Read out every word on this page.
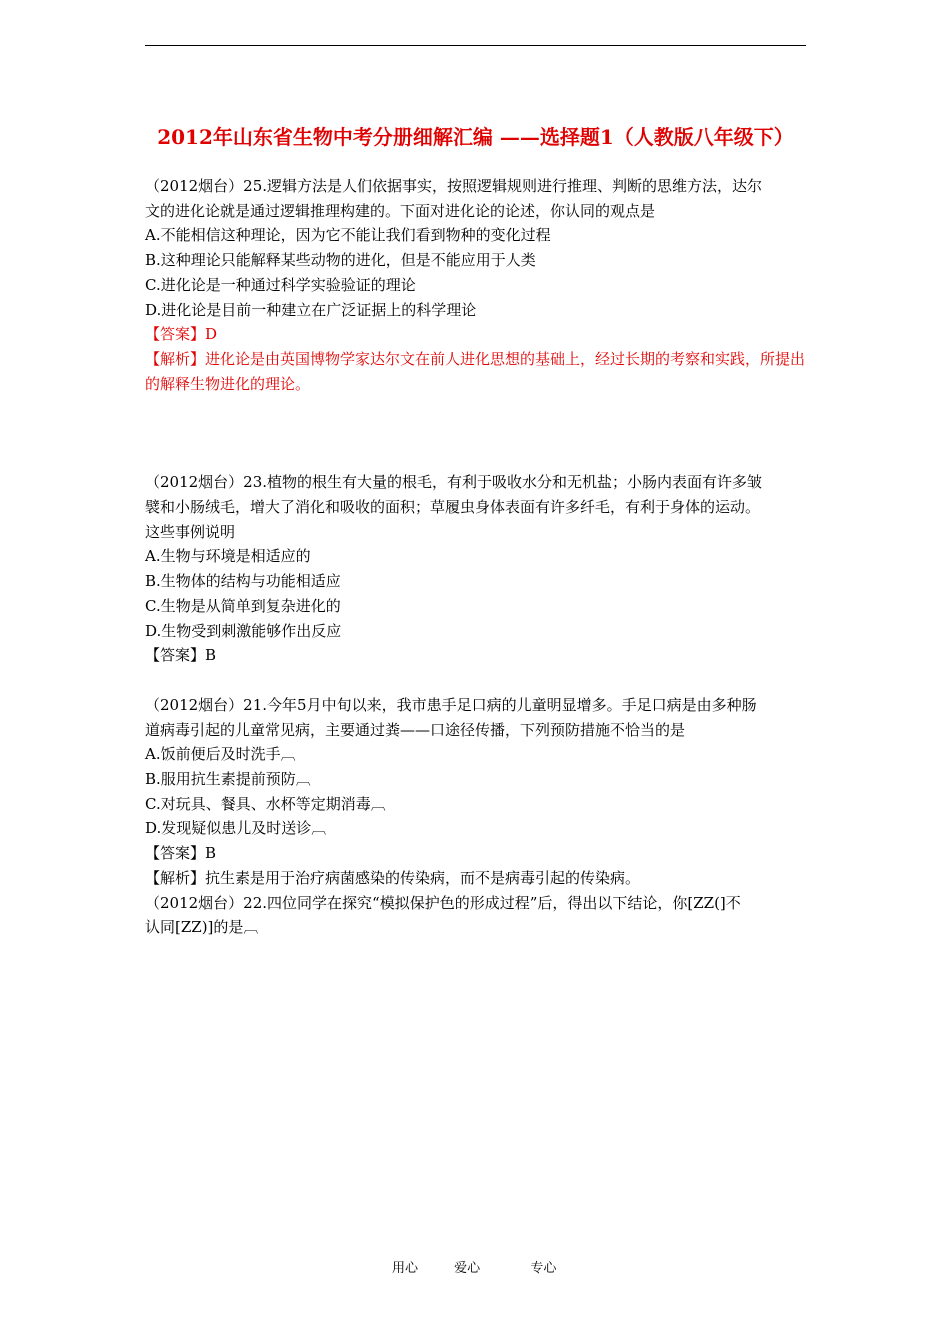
2012年山东省生物中考分册细解汇编 ——选择题1（人教版八年级下）

（2012烟台）25.逻辑方法是人们依据事实，按照逻辑规则进行推理、判断的思维方法，达尔

文的进化论就是通过逻辑推理构建的。下面对进化论的论述，你认同的观点是

A.不能相信这种理论，因为它不能让我们看到物种的变化过程

B.这种理论只能解释某些动物的进化，但是不能应用于人类

C.进化论是一种通过科学实验验证的理论

D.进化论是目前一种建立在广泛证据上的科学理论

【答案】D

【解析】进化论是由英国博物学家达尔文在前人进化思想的基础上，经过长期的考察和实践，所提出的解释生物进化的理论。

（2012烟台）23.植物的根生有大量的根毛，有利于吸收水分和无机盐；小肠内表面有许多皱

襞和小肠绒毛，增大了消化和吸收的面积；草履虫身体表面有许多纤毛，有利于身体的运动。

这些事例说明

A.生物与环境是相适应的

B.生物体的结构与功能相适应

C.生物是从简单到复杂进化的

D.生物受到刺激能够作出反应

【答案】B

（2012烟台）21.今年5月中旬以来，我市患手足口病的儿童明显增多。手足口病是由多种肠

道病毒引起的儿童常见病，主要通过粪——口途径传播，下列预防措施不恰当的是

A.饭前便后及时洗手︹

B.服用抗生素提前预防︹

C.对玩具、餐具、水杯等定期消毒︹

D.发现疑似患儿及时送诊︹

【答案】B

【解析】抗生素是用于治疗病菌感染的传染病，而不是病毒引起的传染病。

（2012烟台）22.四位同学在探究“模拟保护色的形成过程”后，得出以下结论，你[ZZ(]不

认同[ZZ)]的是︹

用心	爱心	专心
